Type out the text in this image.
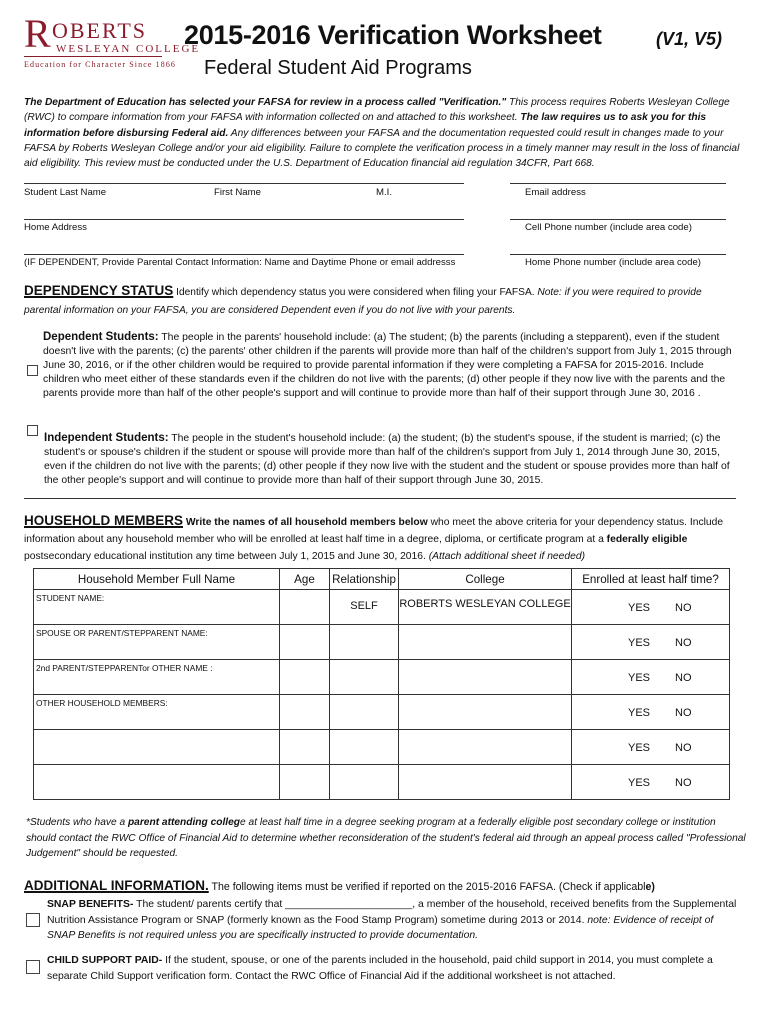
R OBERTS
WESLEYAN COLLEGE
Education for Character Since 1866
2015-2016 Verification Worksheet	(V1, V5)
Federal Student Aid Programs
The Department of Education has selected your FAFSA for review in a process called "Verification." This process requires Roberts Wesleyan College (RWC) to compare information from your FAFSA with information collected on and attached to this worksheet. The law requires us to ask you for this information before disbursing Federal aid. Any differences between your FAFSA and the documentation requested could result in changes made to your FAFSA by Roberts Wesleyan College and/or your aid eligibility. Failure to complete the verification process in a timely manner may result in the loss of financial aid eligibility. This review must be conducted under the U.S. Department of Education financial aid regulation 34CFR, Part 668.
Student Last Name	First Name	M.I.	Email address
Home Address	Cell Phone number (include area code)
(IF DEPENDENT, Provide Parental Contact Information: Name and Daytime Phone or email addresss	Home Phone number (include area code)
DEPENDENCY STATUS Identify which dependency status you were considered when filing your FAFSA. Note: if you were required to provide parental information on your FAFSA, you are considered Dependent even if you do not live with your parents.
Dependent Students: The people in the parents' household include: (a) The student; (b) the parents (including a stepparent), even if the student doesn't live with the parents; (c) the parents' other children if the parents will provide more than half of the children's support from July 1, 2015 through June 30, 2016, or if the other children would be required to provide parental information if they were completing a FAFSA for 2015-2016. Include children who meet either of these standards even if the children do not live with the parents; (d) other people if they now live with the parents and the parents provide more than half of the other people's support and will continue to provide more than half of their support through June 30, 2016 .
Independent Students: The people in the student's household include: (a) the student; (b) the student's spouse, if the student is married; (c) the student's or spouse's children if the student or spouse will provide more than half of the children's support from July 1, 2014 through June 30, 2015, even if the children do not live with the parents; (d) other people if they now live with the student and the student or spouse provides more than half of the other people's support and will continue to provide more than half of their support through June 30, 2015.
HOUSEHOLD MEMBERS Write the names of all household members below who meet the above criteria for your dependency status. Include information about any household member who will be enrolled at least half time in a degree, diploma, or certificate program at a federally eligible postsecondary educational institution any time between July 1, 2015 and June 30, 2016. (Attach additional sheet if needed)
Household Member Full Name	Age	Relationship	College	Enrolled at least half time?

STUDENT NAME:		SELF	ROBERTS WESLEYAN COLLEGE	YES NO

SPOUSE OR PARENT/STEPPARENT NAME:				YES NO

2nd PARENT/STEPPARENTor OTHER NAME :				YES NO

OTHER HOUSEHOLD MEMBERS:				YES NO

				YES NO

				YES NO
*Students who have a parent attending college at least half time in a degree seeking program at a federally eligible post secondary college or institution should contact the RWC Office of Financial Aid to determine whether reconsideration of the student's federal aid through an appeal process called "Professional Judgement" should be requested.
ADDITIONAL INFORMATION. The following items must be verified if reported on the 2015-2016 FAFSA. (Check if applicable)
SNAP BENEFITS- The student/ parents certify that ______________________, a member of the household, received benefits from the Supplemental Nutrition Assistance Program or SNAP (formerly known as the Food Stamp Program) sometime during 2013 or 2014. note: Evidence of receipt of SNAP Benefits is not required unless you are specifically instructed to provide documentation.
CHILD SUPPORT PAID- If the student, spouse, or one of the parents included in the household, paid child support in 2014, you must complete a separate Child Support verification form. Contact the RWC Office of Financial Aid if the additional worksheet is not attached.
